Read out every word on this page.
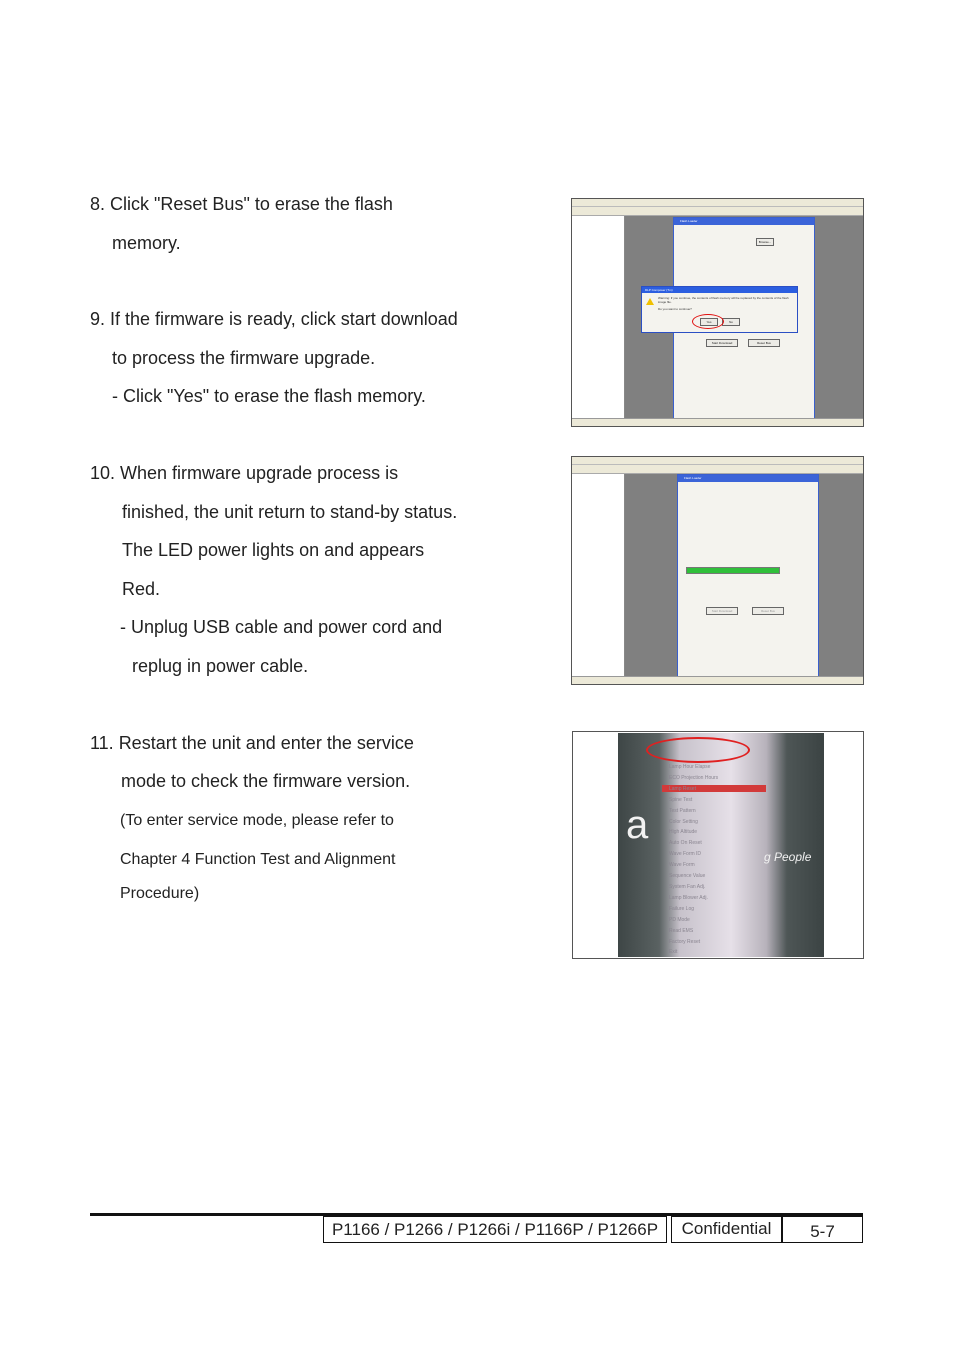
8. Click "Reset Bus" to erase the flash
memory.
9. If the firmware is ready, click start download
to process the firmware upgrade.
- Click "Yes" to erase the flash memory.
10. When firmware upgrade process is
finished, the unit return to stand-by status.
The LED power lights on and appears
Red.
- Unplug USB cable and power cord and
replug in power cable.
11. Restart the unit and enter the service
mode to check the firmware version.
(To enter service mode, please refer to
Chapter 4 Function Test and Alignment
Procedure)
Flash Loader
Browse...
Start Download	Reset Bus
DLP Composer (Tm)
Warning: If you continue, the contents of flash memory will be replaced by the contents of the flash image file.
Do you want to continue?
Yes	No
Flash Loader
Start Download	Reset Bus
a
g People
Lamp Hour Elapse
ECO Projection Hours
Lamp Reset
Spine Test
Test Pattern
Color Setting
High Altitude
Auto On Reset
Wave Form ID
Wave Form
Sequence Value
System Fan Adj.
Lamp Blower Adj.
Failure Log
PD Mode
Read EMS
Factory Reset
Exit
P1166 / P1266 / P1266i / P1166P / P1266P	Confidential	5-7
